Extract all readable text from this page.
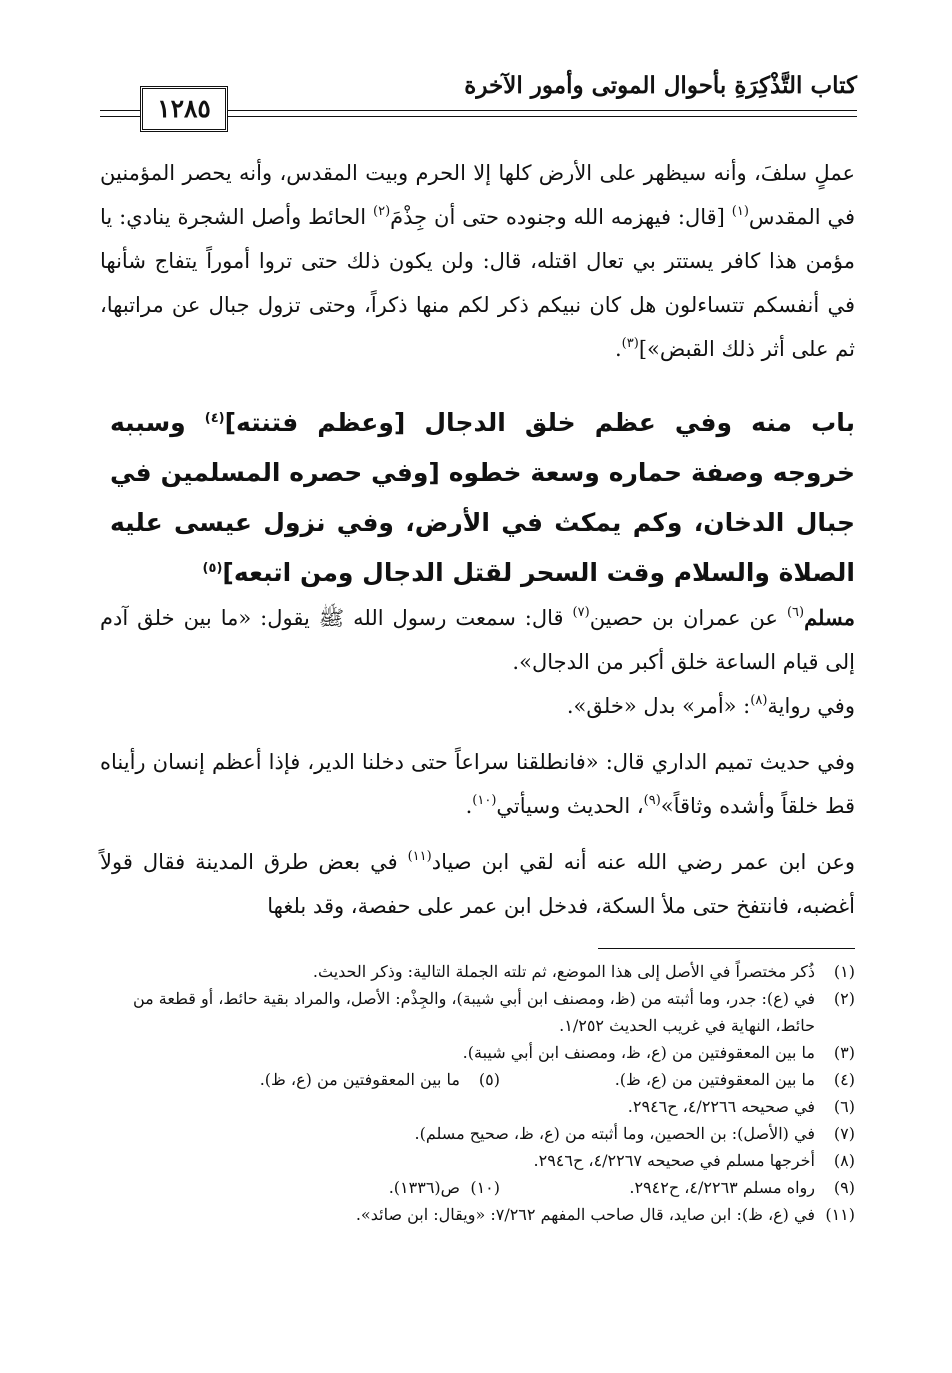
كتاب التَّذْكِرَةِ بأحوال الموتى وأمور الآخرة
١٢٨٥
عملٍ سلفَ، وأنه سيظهر على الأرض كلها إلا الحرم وبيت المقدس، وأنه يحصر المؤمنين في المقدس$^{(١)}$ [قال: فيهزمه الله وجنوده حتى أن جِذْمَ$^{(٢)}$ الحائط وأصل الشجرة ينادي: يا مؤمن هذا كافر يستتر بي تعال اقتله، قال: ولن يكون ذلك حتى تروا أموراً يتفاج شأنها في أنفسكم تتساءلون هل كان نبيكم ذكر لكم منها ذكراً، وحتى تزول جبال عن مراتبها، ثم على أثر ذلك القبض»]$^{(٣)}$.
باب منه وفي عظم خلق الدجال [وعظم فتنته]$^{(٤)}$ وسببه خروجه وصفة حماره وسعة خطوه [وفي حصره المسلمين في جبال الدخان، وكم يمكث في الأرض، وفي نزول عيسى عليه الصلاة والسلام وقت السحر لقتل الدجال ومن اتبعه]$^{(٥)}$

مسلم$^{(٦)}$ عن عمران بن حصين$^{(٧)}$ قال: سمعت رسول الله ﷺ يقول: «ما بين خلق آدم إلى قيام الساعة خلق أكبر من الدجال».

وفي رواية$^{(٨)}$: «أمر» بدل «خلق».

وفي حديث تميم الداري قال: «فانطلقنا سراعاً حتى دخلنا الدير، فإذا أعظم إنسان رأيناه قط خلقاً وأشده وثاقاً»$^{(٩)}$، الحديث وسيأتي$^{(١٠)}$.

وعن ابن عمر رضي الله عنه أنه لقي ابن صياد$^{(١١)}$ في بعض طرق المدينة فقال قولاً أغضبه، فانتفخ حتى ملأ السكة، فدخل ابن عمر على حفصة، وقد بلغها

(١)
ذُكر مختصراً في الأصل إلى هذا الموضع، ثم تلته الجملة التالية: وذكر الحديث.
(٢)
في (ع): جدر، وما أثبته من (ظ، ومصنف ابن أبي شيبة)، والجِذْم: الأصل، والمراد بقية حائط، أو قطعة من حائط، النهاية في غريب الحديث ١/٢٥٢.
(٣)
ما بين المعقوفتين من (ع، ظ، ومصنف ابن أبي شيبة).
(٤)
ما بين المعقوفتين من (ع، ظ).
(٥)
ما بين المعقوفتين من (ع، ظ).
(٦)
في صحيحه ٤/٢٢٦٦، ح٢٩٤٦.
(٧)
في (الأصل): بن الحصين، وما أثبته من (ع، ظ، صحيح مسلم).
(٨)
أخرجها مسلم في صحيحه ٤/٢٢٦٧، ح٢٩٤٦.
(٩)
رواه مسلم ٤/٢٢٦٣، ح٢٩٤٢.
(١٠)
ص(١٣٣٦).
(١١)
في (ع، ظ): ابن صايد، قال صاحب المفهم ٧/٢٦٢: «ويقال: ابن صائد».
